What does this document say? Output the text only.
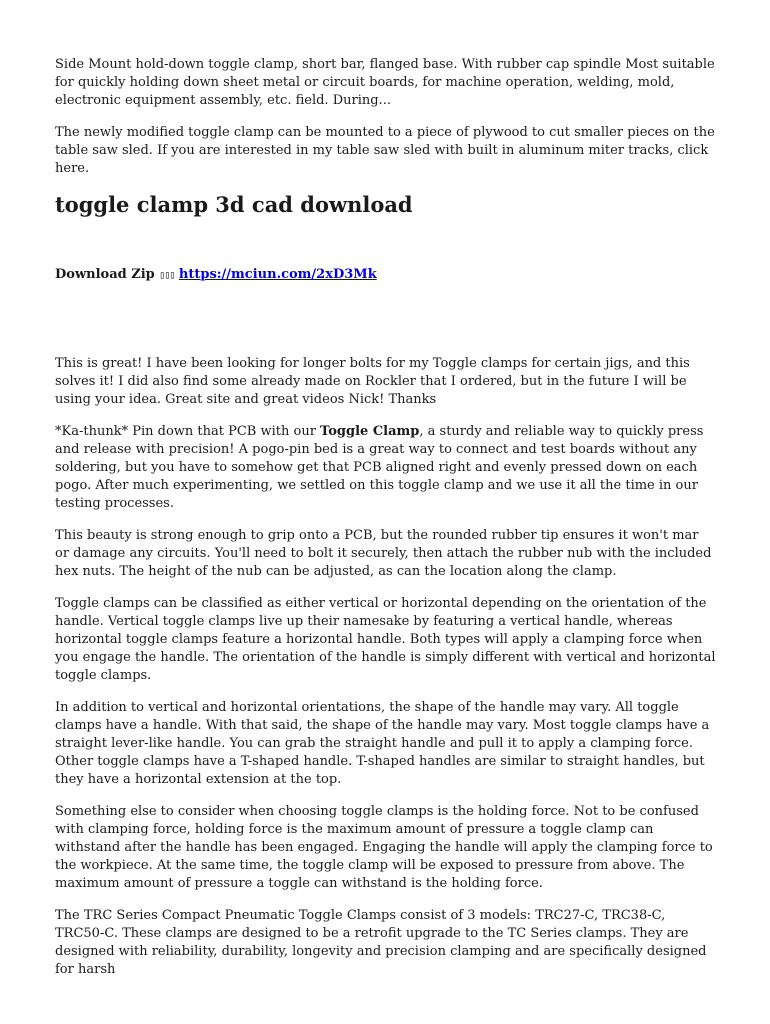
Side Mount hold-down toggle clamp, short bar, flanged base. With rubber cap spindle Most suitable for quickly holding down sheet metal or circuit boards, for machine operation, welding, mold, electronic equipment assembly, etc. field. During...

The newly modified toggle clamp can be mounted to a piece of plywood to cut smaller pieces on the table saw sled. If you are interested in my table saw sled with built in aluminum miter tracks, click here.

toggle clamp 3d cad download
Download Zip ▯▯▯ https://mciun.com/2xD3Mk

This is great! I have been looking for longer bolts for my Toggle clamps for certain jigs, and this solves it! I did also find some already made on Rockler that I ordered, but in the future I will be using your idea. Great site and great videos Nick! Thanks

*Ka-thunk* Pin down that PCB with our Toggle Clamp, a sturdy and reliable way to quickly press and release with precision! A pogo-pin bed is a great way to connect and test boards without any soldering, but you have to somehow get that PCB aligned right and evenly pressed down on each pogo. After much experimenting, we settled on this toggle clamp and we use it all the time in our testing processes.

This beauty is strong enough to grip onto a PCB, but the rounded rubber tip ensures it won't mar or damage any circuits. You'll need to bolt it securely, then attach the rubber nub with the included hex nuts. The height of the nub can be adjusted, as can the location along the clamp.

Toggle clamps can be classified as either vertical or horizontal depending on the orientation of the handle. Vertical toggle clamps live up their namesake by featuring a vertical handle, whereas horizontal toggle clamps feature a horizontal handle. Both types will apply a clamping force when you engage the handle. The orientation of the handle is simply different with vertical and horizontal toggle clamps.

In addition to vertical and horizontal orientations, the shape of the handle may vary. All toggle clamps have a handle. With that said, the shape of the handle may vary. Most toggle clamps have a straight lever-like handle. You can grab the straight handle and pull it to apply a clamping force. Other toggle clamps have a T-shaped handle. T-shaped handles are similar to straight handles, but they have a horizontal extension at the top.

Something else to consider when choosing toggle clamps is the holding force. Not to be confused with clamping force, holding force is the maximum amount of pressure a toggle clamp can withstand after the handle has been engaged. Engaging the handle will apply the clamping force to the workpiece. At the same time, the toggle clamp will be exposed to pressure from above. The maximum amount of pressure a toggle can withstand is the holding force.

The TRC Series Compact Pneumatic Toggle Clamps consist of 3 models: TRC27-C, TRC38-C, TRC50-C. These clamps are designed to be a retrofit upgrade to the TC Series clamps. They are designed with reliability, durability, longevity and precision clamping and are specifically designed for harsh
